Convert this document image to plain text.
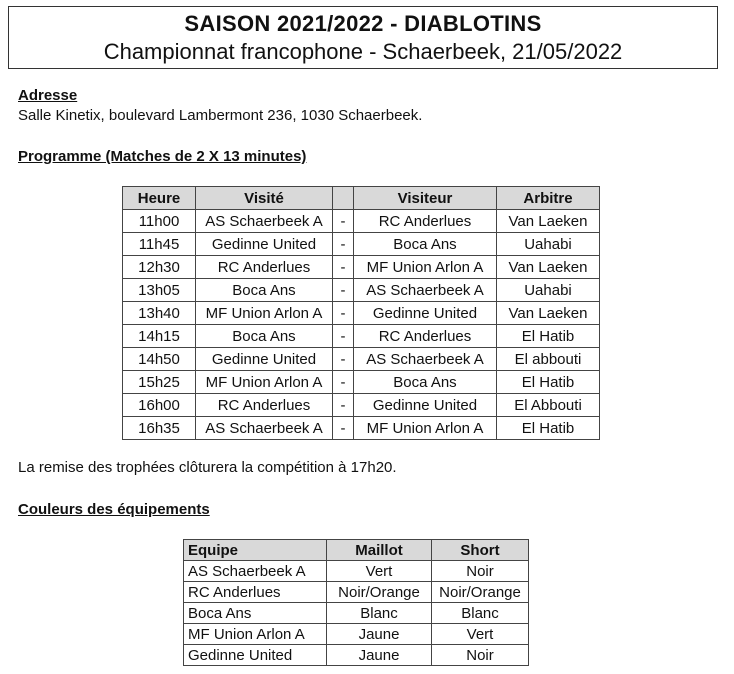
SAISON 2021/2022 - DIABLOTINS
Championnat francophone - Schaerbeek, 21/05/2022
Adresse
Salle Kinetix, boulevard Lambermont 236, 1030 Schaerbeek.
Programme (Matches de 2 X 13 minutes)
Heure	Visité		Visiteur	Arbitre
11h00	AS Schaerbeek A	-	RC Anderlues	Van Laeken
11h45	Gedinne United	-	Boca Ans	Uahabi
12h30	RC Anderlues	-	MF Union Arlon A	Van Laeken
13h05	Boca Ans	-	AS Schaerbeek A	Uahabi
13h40	MF Union Arlon A	-	Gedinne United	Van Laeken
14h15	Boca Ans	-	RC Anderlues	El Hatib
14h50	Gedinne United	-	AS Schaerbeek A	El abbouti
15h25	MF Union Arlon A	-	Boca Ans	El Hatib
16h00	RC Anderlues	-	Gedinne United	El Abbouti
16h35	AS Schaerbeek A	-	MF Union Arlon A	El Hatib
La remise des trophées clôturera la compétition à 17h20.
Couleurs des équipements
Equipe	Maillot	Short
AS Schaerbeek A	Vert	Noir
RC Anderlues	Noir/Orange	Noir/Orange
Boca Ans	Blanc	Blanc
MF Union Arlon A	Jaune	Vert
Gedinne United	Jaune	Noir
